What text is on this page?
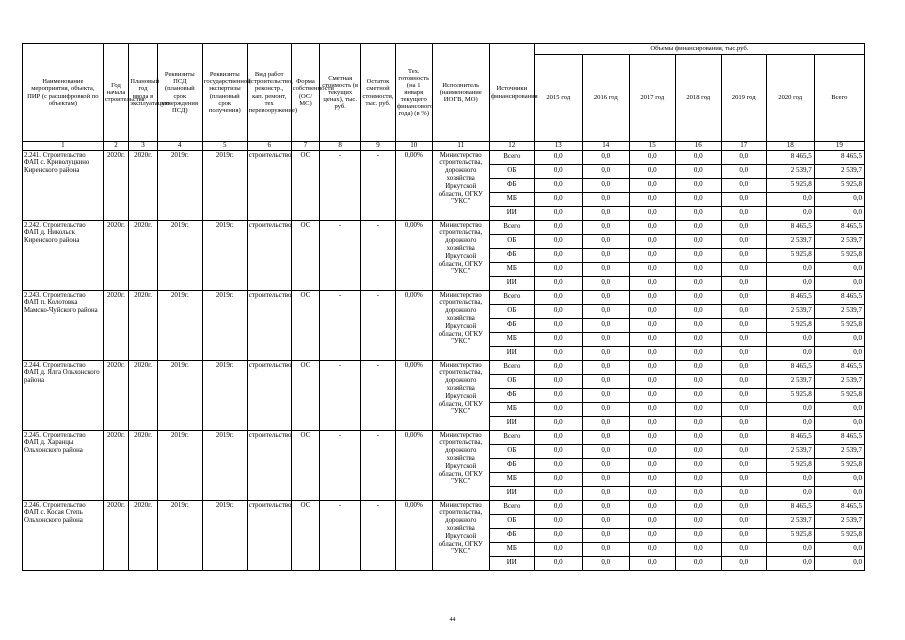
Наименование мероприятия, объекта, ПИР (с расшифровкой по объектам)	Год начала строительства	Плановый год ввода в эксплуатацию	Реквизиты ПСД (плановый срок утверждения ПСД)	Реквизиты государственной экспертизы (плановый срок получения)	Вид работ (строительство, реконстр., кап. ремонт, тех перевооружение)	Форма собственности (ОС/МС)	Сметная стоимость (в текущих ценах), тыс. руб.	Остаток сметной стоимости, тыс. руб.	Тех. готовность (на 1 января текущего финансового года) (в %)	Исполнитель (наименование ИОГВ, МО)	Источники финансирования	Объемы финансирования, тыс.руб.						
												2015 год	2016 год	2017 год	2018 год	2019 год	2020 год	Всего
1	2	3	4	5	6	7	8	9	10	11	12	13	14	15	16	17	18	19
2.241. Строительство ФАП с. Криволуцкино Киренского района	2020г.	2020г.	2019г.	2019г.	строительство	ОС	-	-	0,00%	Министерство строительства, дорожного хозяйства Иркутской области, ОГКУ "УКС"	Всего	0,0	0,0	0,0	0,0	0,0	8 465,5	8 465,5
											ОБ	0,0	0,0	0,0	0,0	0,0	2 539,7	2 539,7
											ФБ	0,0	0,0	0,0	0,0	0,0	5 925,8	5 925,8
											МБ	0,0	0,0	0,0	0,0	0,0	0,0	0,0
											ИИ	0,0	0,0	0,0	0,0	0,0	0,0	0,0
2.242. Строительство ФАП д. Никольск Киренского района	2020г.	2020г.	2019г.	2019г.	строительство	ОС	-	-	0,00%	Министерство строительства, дорожного хозяйства Иркутской области, ОГКУ "УКС"	Всего	0,0	0,0	0,0	0,0	0,0	8 465,5	8 465,5
											ОБ	0,0	0,0	0,0	0,0	0,0	2 539,7	2 539,7
											ФБ	0,0	0,0	0,0	0,0	0,0	5 925,8	5 925,8
											МБ	0,0	0,0	0,0	0,0	0,0	0,0	0,0
											ИИ	0,0	0,0	0,0	0,0	0,0	0,0	0,0
2.243. Строительство ФАП п. Колотовка Мамско-Чуйского района	2020г.	2020г.	2019г.	2019г.	строительство	ОС	-	-	0,00%	Министерство строительства, дорожного хозяйства Иркутской области, ОГКУ "УКС"	Всего	0,0	0,0	0,0	0,0	0,0	8 465,5	8 465,5
											ОБ	0,0	0,0	0,0	0,0	0,0	2 539,7	2 539,7
											ФБ	0,0	0,0	0,0	0,0	0,0	5 925,8	5 925,8
											МБ	0,0	0,0	0,0	0,0	0,0	0,0	0,0
											ИИ	0,0	0,0	0,0	0,0	0,0	0,0	0,0
2.244. Строительство ФАП д. Ялга Ольхонского района	2020г.	2020г.	2019г.	2019г.	строительство	ОС	-	-	0,00%	Министерство строительства, дорожного хозяйства Иркутской области, ОГКУ "УКС"	Всего	0,0	0,0	0,0	0,0	0,0	8 465,5	8 465,5
											ОБ	0,0	0,0	0,0	0,0	0,0	2 539,7	2 539,7
											ФБ	0,0	0,0	0,0	0,0	0,0	5 925,8	5 925,8
											МБ	0,0	0,0	0,0	0,0	0,0	0,0	0,0
											ИИ	0,0	0,0	0,0	0,0	0,0	0,0	0,0
2.245. Строительство ФАП д. Харанцы Ольхонского района	2020г.	2020г.	2019г.	2019г.	строительство	ОС	-	-	0,00%	Министерство строительства, дорожного хозяйства Иркутской области, ОГКУ "УКС"	Всего	0,0	0,0	0,0	0,0	0,0	8 465,5	8 465,5
											ОБ	0,0	0,0	0,0	0,0	0,0	2 539,7	2 539,7
											ФБ	0,0	0,0	0,0	0,0	0,0	5 925,8	5 925,8
											МБ	0,0	0,0	0,0	0,0	0,0	0,0	0,0
											ИИ	0,0	0,0	0,0	0,0	0,0	0,0	0,0
2.246. Строительство ФАП с. Косая Степь Ольхонского района	2020г.	2020г.	2019г.	2019г.	строительство	ОС	-	-	0,00%	Министерство строительства, дорожного хозяйства Иркутской области, ОГКУ "УКС"	Всего	0,0	0,0	0,0	0,0	0,0	8 465,5	8 465,5
											ОБ	0,0	0,0	0,0	0,0	0,0	2 539,7	2 539,7
											ФБ	0,0	0,0	0,0	0,0	0,0	5 925,8	5 925,8
											МБ	0,0	0,0	0,0	0,0	0,0	0,0	0,0
											ИИ	0,0	0,0	0,0	0,0	0,0	0,0	0,0
44
